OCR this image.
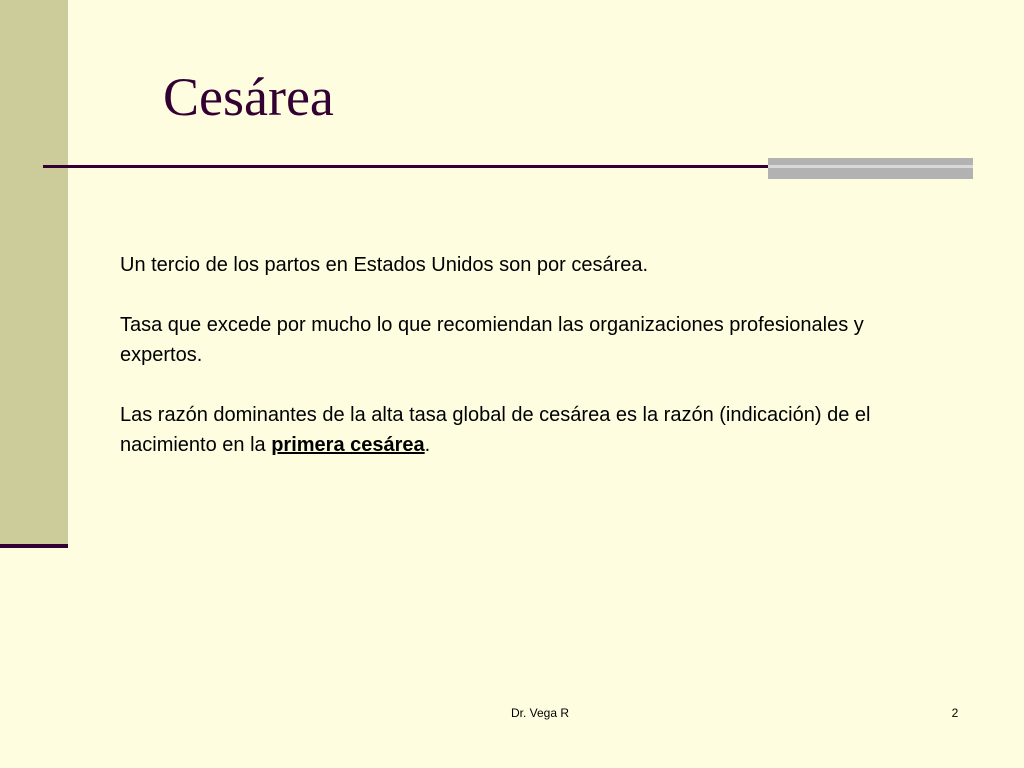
Cesárea

Un tercio de los partos en Estados Unidos son por cesárea.

Tasa que excede por mucho lo que recomiendan las organizaciones profesionales y expertos.

Las razón dominantes de la alta tasa global de cesárea es la razón (indicación) de el nacimiento en la primera cesárea.

Dr. Vega R	2
